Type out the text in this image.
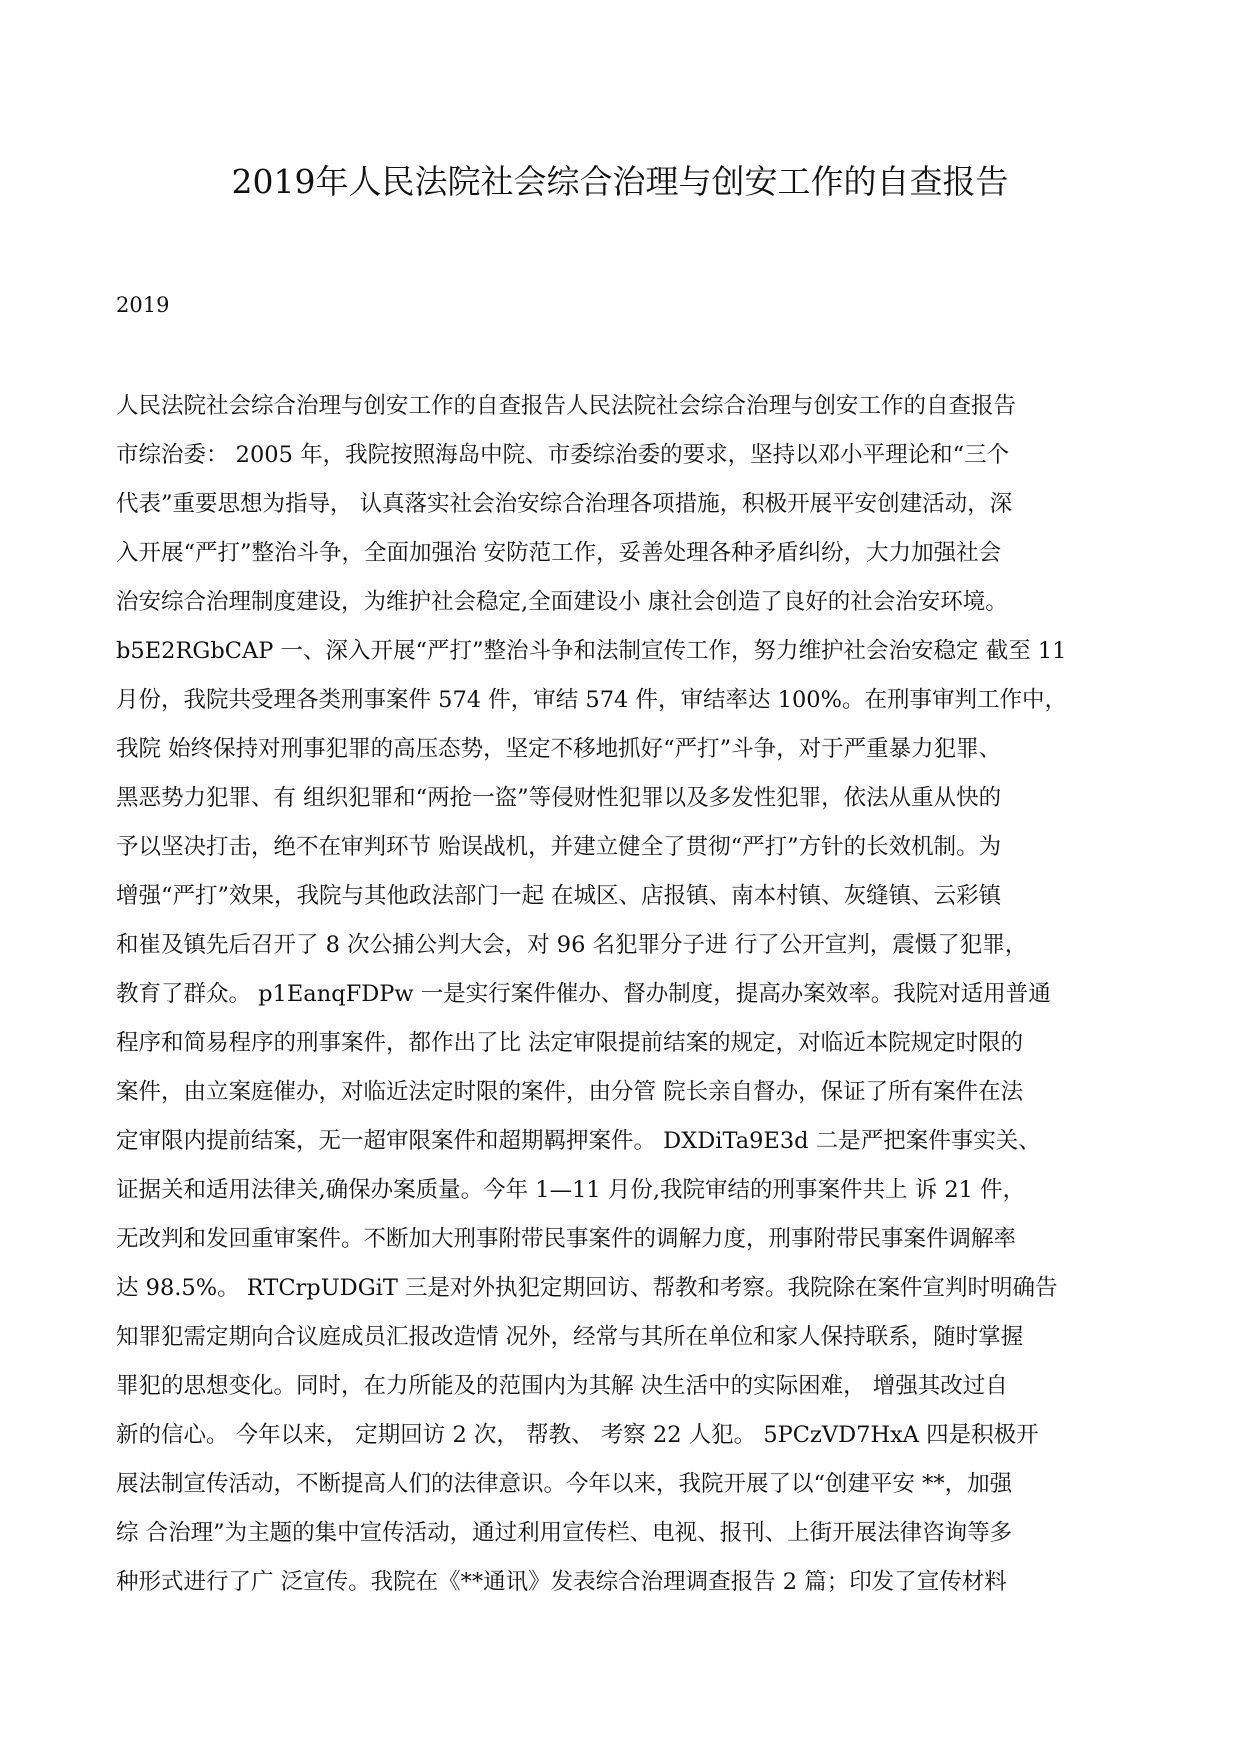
2019年人民法院社会综合治理与创安工作的自查报告

2019

人民法院社会综合治理与创安工作的自查报告人民法院社会综合治理与创安工作的自查报告
市综治委： 2005 年，我院按照海岛中院、市委综治委的要求，坚持以邓小平理论和“三个
代表”重要思想为指导， 认真落实社会治安综合治理各项措施，积极开展平安创建活动，深
入开展“严打”整治斗争，全面加强治 安防范工作，妥善处理各种矛盾纠纷，大力加强社会
治安综合治理制度建设，为维护社会稳定,全面建设小 康社会创造了良好的社会治安环境。
b5E2RGbCAP 一、深入开展“严打”整治斗争和法制宣传工作，努力维护社会治安稳定 截至 11
月份，我院共受理各类刑事案件 574 件，审结 574 件，审结率达 100%。在刑事审判工作中，
我院 始终保持对刑事犯罪的高压态势，坚定不移地抓好“严打”斗争，对于严重暴力犯罪、
黑恶势力犯罪、有 组织犯罪和“两抢一盗”等侵财性犯罪以及多发性犯罪，依法从重从快的
予以坚决打击，绝不在审判环节 贻误战机，并建立健全了贯彻“严打”方针的长效机制。为
增强“严打”效果，我院与其他政法部门一起 在城区、店报镇、南本村镇、灰缝镇、云彩镇
和崔及镇先后召开了 8 次公捕公判大会，对 96 名犯罪分子进 行了公开宣判，震慑了犯罪，
教育了群众。 p1EanqFDPw 一是实行案件催办、督办制度，提高办案效率。我院对适用普通
程序和简易程序的刑事案件，都作出了比 法定审限提前结案的规定，对临近本院规定时限的
案件，由立案庭催办，对临近法定时限的案件，由分管 院长亲自督办，保证了所有案件在法
定审限内提前结案，无一超审限案件和超期羁押案件。 DXDiTa9E3d 二是严把案件事实关、
证据关和适用法律关,确保办案质量。今年 1—11 月份,我院审结的刑事案件共上 诉 21 件，
无改判和发回重审案件。不断加大刑事附带民事案件的调解力度，刑事附带民事案件调解率
达 98.5%。 RTCrpUDGiT 三是对外执犯定期回访、帮教和考察。我院除在案件宣判时明确告
知罪犯需定期向合议庭成员汇报改造情 况外，经常与其所在单位和家人保持联系，随时掌握
罪犯的思想变化。同时，在力所能及的范围内为其解 决生活中的实际困难， 增强其改过自
新的信心。 今年以来， 定期回访 2 次， 帮教、 考察 22 人犯。 5PCzVD7HxA 四是积极开
展法制宣传活动，不断提高人们的法律意识。今年以来，我院开展了以“创建平安 **，加强
综 合治理”为主题的集中宣传活动，通过利用宣传栏、电视、报刊、上街开展法律咨询等多
种形式进行了广 泛宣传。我院在《**通讯》发表综合治理调查报告 2 篇；印发了宣传材料
